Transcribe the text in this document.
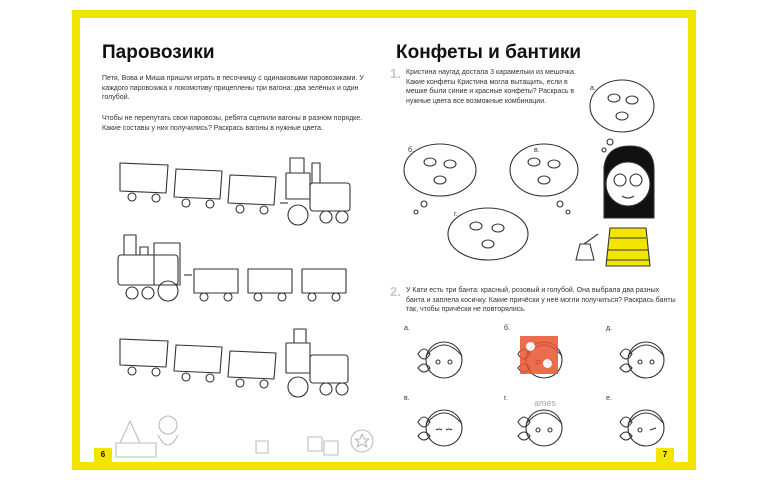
Паровозики

Петя, Вова и Миша пришли играть в песочницу с одинаковыми паровозиками. У каждого паровозика к локомотиву прицеплены три вагона: два зелёных и один голубой.

Чтобы не перепутать свои паровозы, ребята сцепили вагоны в разном порядке. Какие составы у них получились? Раскрась вагоны в нужные цвета.

6
Конфеты и бантики
1. Кристина наугад достала 3 карамельки из мешочка. Какие конфеты Кристина могла вытащить, если в мешке были синие и красные конфеты? Раскрась в нужные цвета все возможные комбинации.

а.
б.	в.
г.
2. У Кати есть три банта: красный, розовый и голубой. Она выбрала два разных банта и заплела косичку. Какие причёски у неё могли получиться? Раскрась банты так, чтобы причёски не повторялись.

а.	б.	д.
в.	г.	е.
ames
7
